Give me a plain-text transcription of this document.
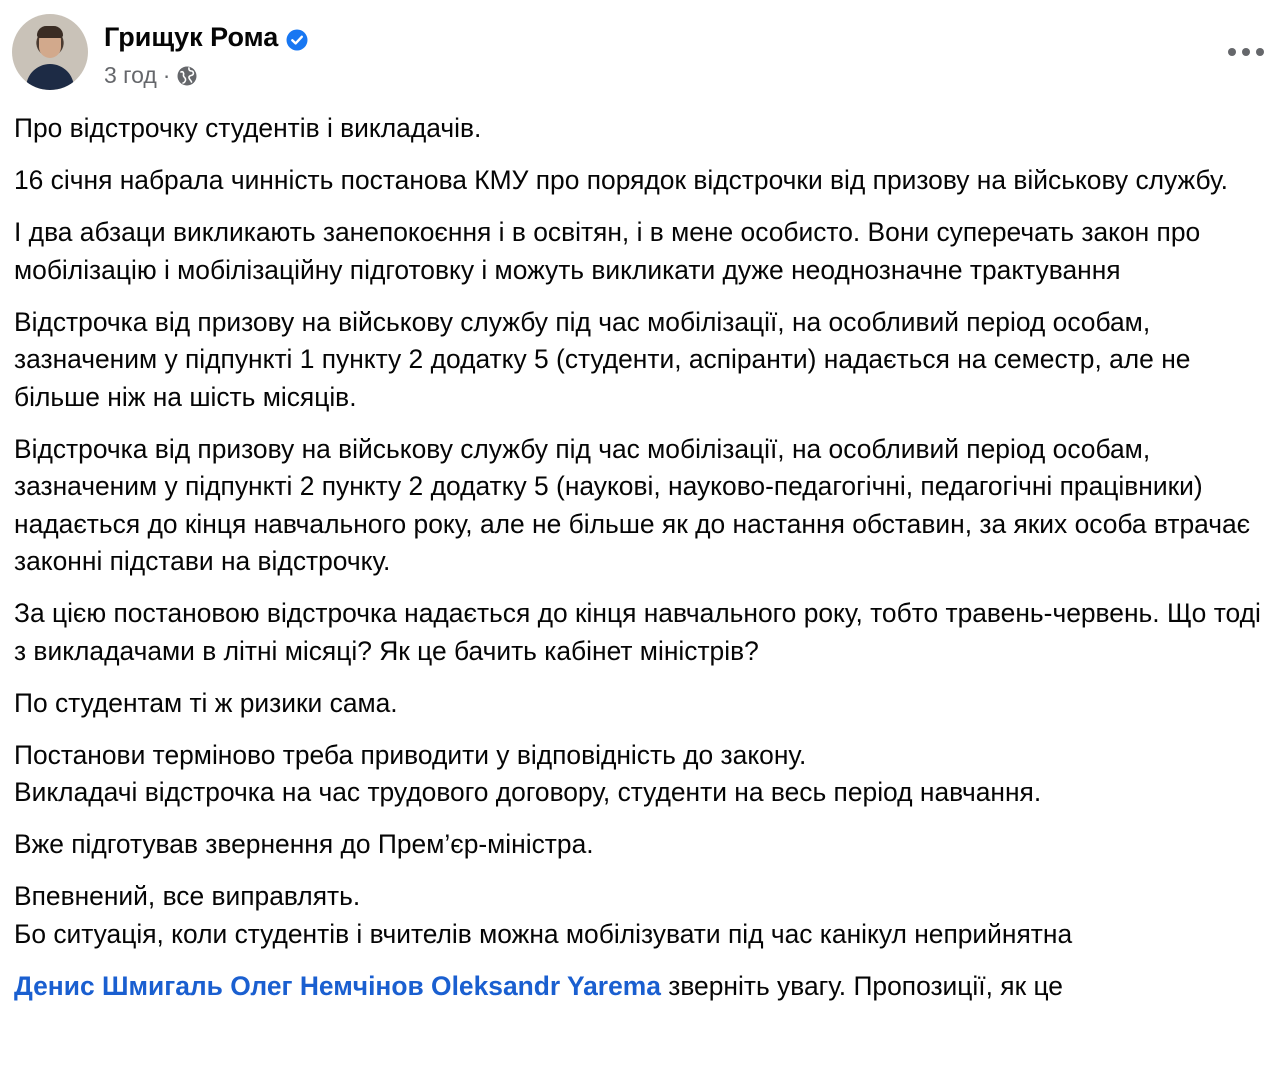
Грищук Рома
3 год ·

Про відстрочку студентів і викладачів.

16 січня набрала чинність постанова КМУ про порядок відстрочки від призову на військову службу.

І два абзаци викликають занепокоєння і в освітян, і в мене особисто. Вони суперечать закон про мобілізацію і мобілізаційну підготовку і можуть викликати дуже неоднозначне трактування

Відстрочка від призову на військову службу під час мобілізації, на особливий період особам, зазначеним у підпункті 1 пункту 2 додатку 5 (студенти, аспіранти) надається на семестр, але не більше ніж на шість місяців.

Відстрочка від призову на військову службу під час мобілізації, на особливий період особам, зазначеним у підпункті 2 пункту 2 додатку 5 (наукові, науково-педагогічні, педагогічні працівники) надається до кінця навчального року, але не більше як до настання обставин, за яких особа втрачає законні підстави на відстрочку.

За цією постановою відстрочка надається до кінця навчального року, тобто травень-червень. Що тоді з викладачами в літні місяці? Як це бачить кабінет міністрів?

По студентам ті ж ризики сама.

Постанови терміново треба приводити у відповідність до закону.
Викладачі відстрочка на час трудового договору, студенти на весь період навчання.

Вже підготував звернення до Прем’єр-міністра.

Впевнений, все виправлять.
Бо ситуація, коли студентів і вчителів можна мобілізувати під час канікул неприйнятна

Денис Шмигаль Олег Немчінов Oleksandr Yarema зверніть увагу. Пропозиції, як це
